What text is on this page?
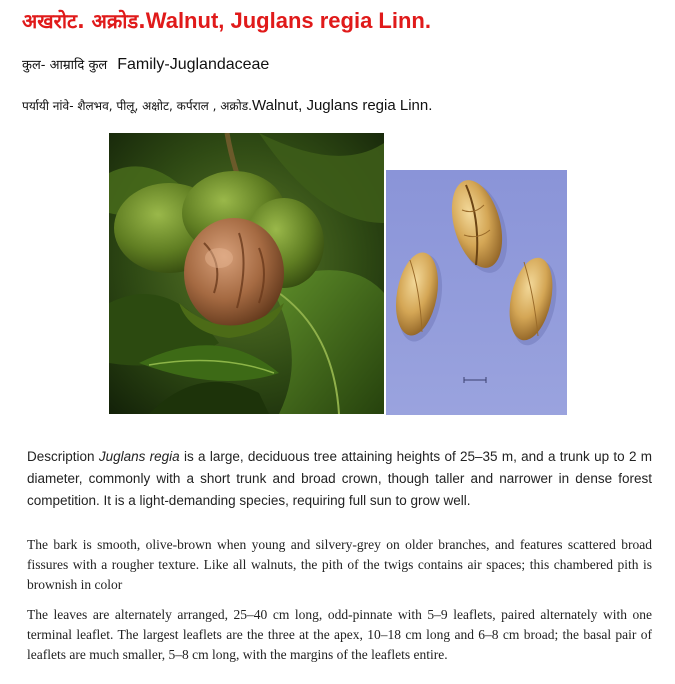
अखरोट. अक्रोड.Walnut, Juglans regia Linn.
कुल- आम्रादि कुल Family-Juglandaceae
पर्यायी नांवे- शैलभव, पीलू, अक्षोट, कर्पराल , अक्रोड.Walnut, Juglans regia Linn.
Description Juglans regia is a large, deciduous tree attaining heights of 25–35 m, and a trunk up to 2 m diameter, commonly with a short trunk and broad crown, though taller and narrower in dense forest competition. It is a light-demanding species, requiring full sun to grow well.
The bark is smooth, olive-brown when young and silvery-grey on older branches, and features scattered broad fissures with a rougher texture. Like all walnuts, the pith of the twigs contains air spaces; this chambered pith is brownish in color
The leaves are alternately arranged, 25–40 cm long, odd-pinnate with 5–9 leaflets, paired alternately with one terminal leaflet. The largest leaflets are the three at the apex, 10–18 cm long and 6–8 cm broad; the basal pair of leaflets are much smaller, 5–8 cm long, with the margins of the leaflets entire.
